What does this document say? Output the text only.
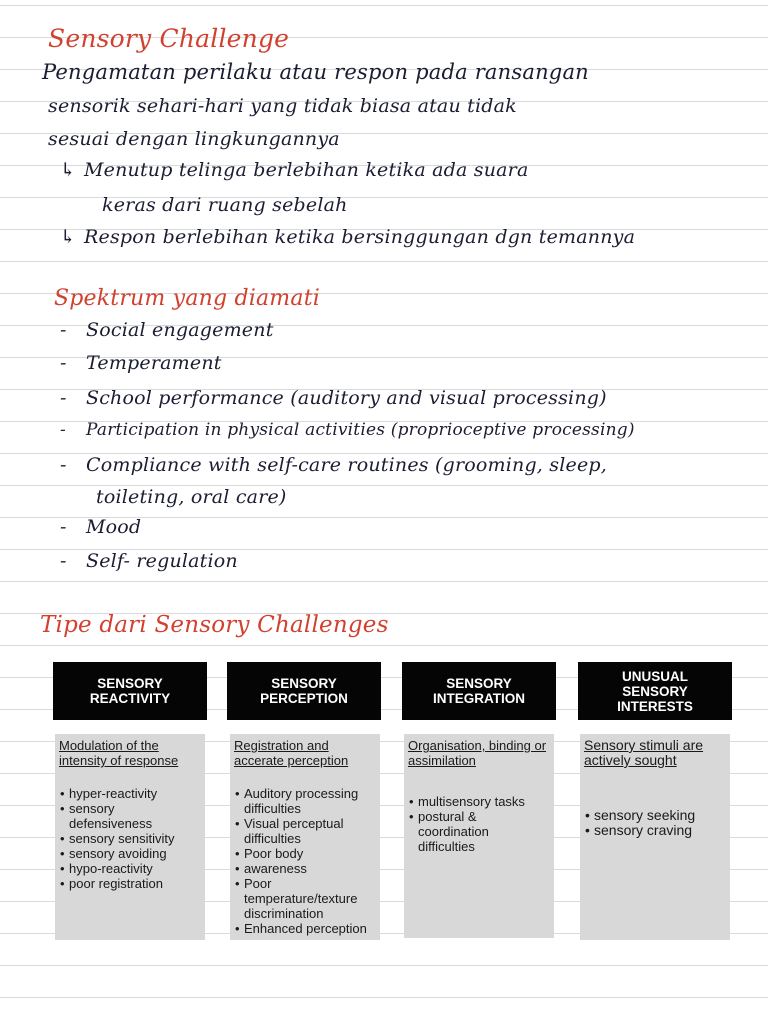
Sensory Challenge
Pengamatan perilaku atau respon pada ransangan
sensorik sehari-hari yang tidak biasa atau tidak
sesuai dengan lingkungannya
↳ Menutup telinga berlebihan ketika ada suara
keras dari ruang sebelah
↳ Respon berlebihan ketika bersinggungan dgn temannya
Spektrum yang diamati
- Social engagement
- Temperament
- School performance (auditory and visual processing)
- Participation in physical activities (proprioceptive processing)
- Compliance with self-care routines (grooming, sleep,
toileting, oral care)
- Mood
- Self- regulation
Tipe dari Sensory Challenges
SENSORY
REACTIVITY
Modulation of the intensity of response
• hyper-reactivity
• sensory defensiveness
• sensory sensitivity
• sensory avoiding
• hypo-reactivity
• poor registration
SENSORY
PERCEPTION
Registration and accerate perception
• Auditory processing difficulties
• Visual perceptual difficulties
• Poor body
• awareness
• Poor temperature/texture discrimination
• Enhanced perception
SENSORY
INTEGRATION
Organisation, binding or assimilation
• multisensory tasks
• postural & coordination difficulties
UNUSUAL
SENSORY
INTERESTS
Sensory stimuli are actively sought
• sensory seeking
• sensory craving
